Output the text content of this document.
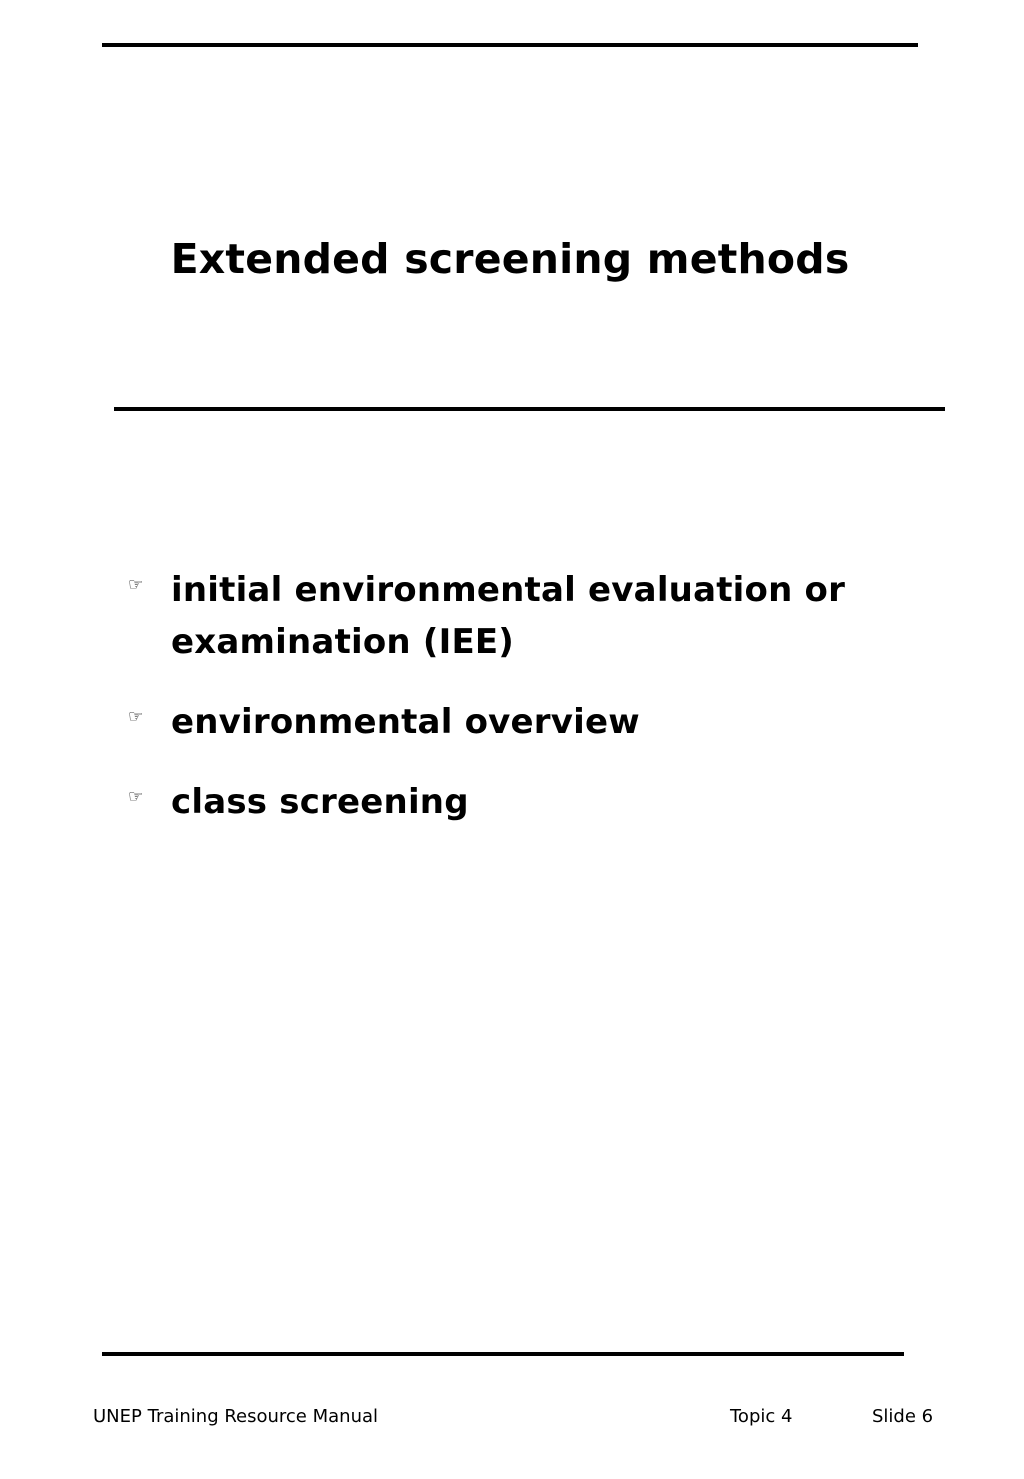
Extended screening methods
☞ initial environmental evaluation or examination (IEE)
☞ environmental overview
☞ class screening
UNEP Training Resource Manual	Topic 4	Slide 6
